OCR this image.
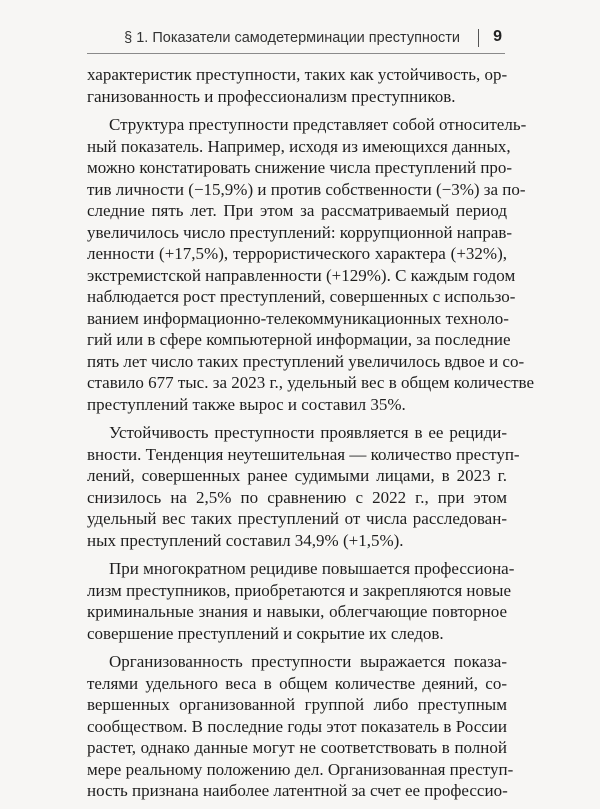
§ 1. Показатели самодетерминации преступности 9
характеристик преступности, таких как устойчивость, ор-
ганизованность и профессионализм преступников.
Структура преступности представляет собой относитель-
ный показатель. Например, исходя из имеющихся данных,
можно констатировать снижение числа преступлений про-
тив личности (−15,9%) и против собственности (−3%) за по-
следние пять лет. При этом за рассматриваемый период
увеличилось число преступлений: коррупционной направ-
ленности (+17,5%), террористического характера (+32%),
экстремистской направленности (+129%). С каждым годом
наблюдается рост преступлений, совершенных с использо-
ванием информационно-телекоммуникационных техноло-
гий или в сфере компьютерной информации, за последние
пять лет число таких преступлений увеличилось вдвое и со-
ставило 677 тыс. за 2023 г., удельный вес в общем количестве
преступлений также вырос и составил 35%.
Устойчивость преступности проявляется в ее рециди-
вности. Тенденция неутешительная — количество преступ-
лений, совершенных ранее судимыми лицами, в 2023 г.
снизилось на 2,5% по сравнению с 2022 г., при этом
удельный вес таких преступлений от числа расследован-
ных преступлений составил 34,9% (+1,5%).
При многократном рецидиве повышается профессиона-
лизм преступников, приобретаются и закрепляются новые
криминальные знания и навыки, облегчающие повторное
совершение преступлений и сокрытие их следов.
Организованность преступности выражается показа-
телями удельного веса в общем количестве деяний, со-
вершенных организованной группой либо преступным
сообществом. В последние годы этот показатель в России
растет, однако данные могут не соответствовать в полной
мере реальному положению дел. Организованная преступ-
ность признана наиболее латентной за счет ее профессио-
